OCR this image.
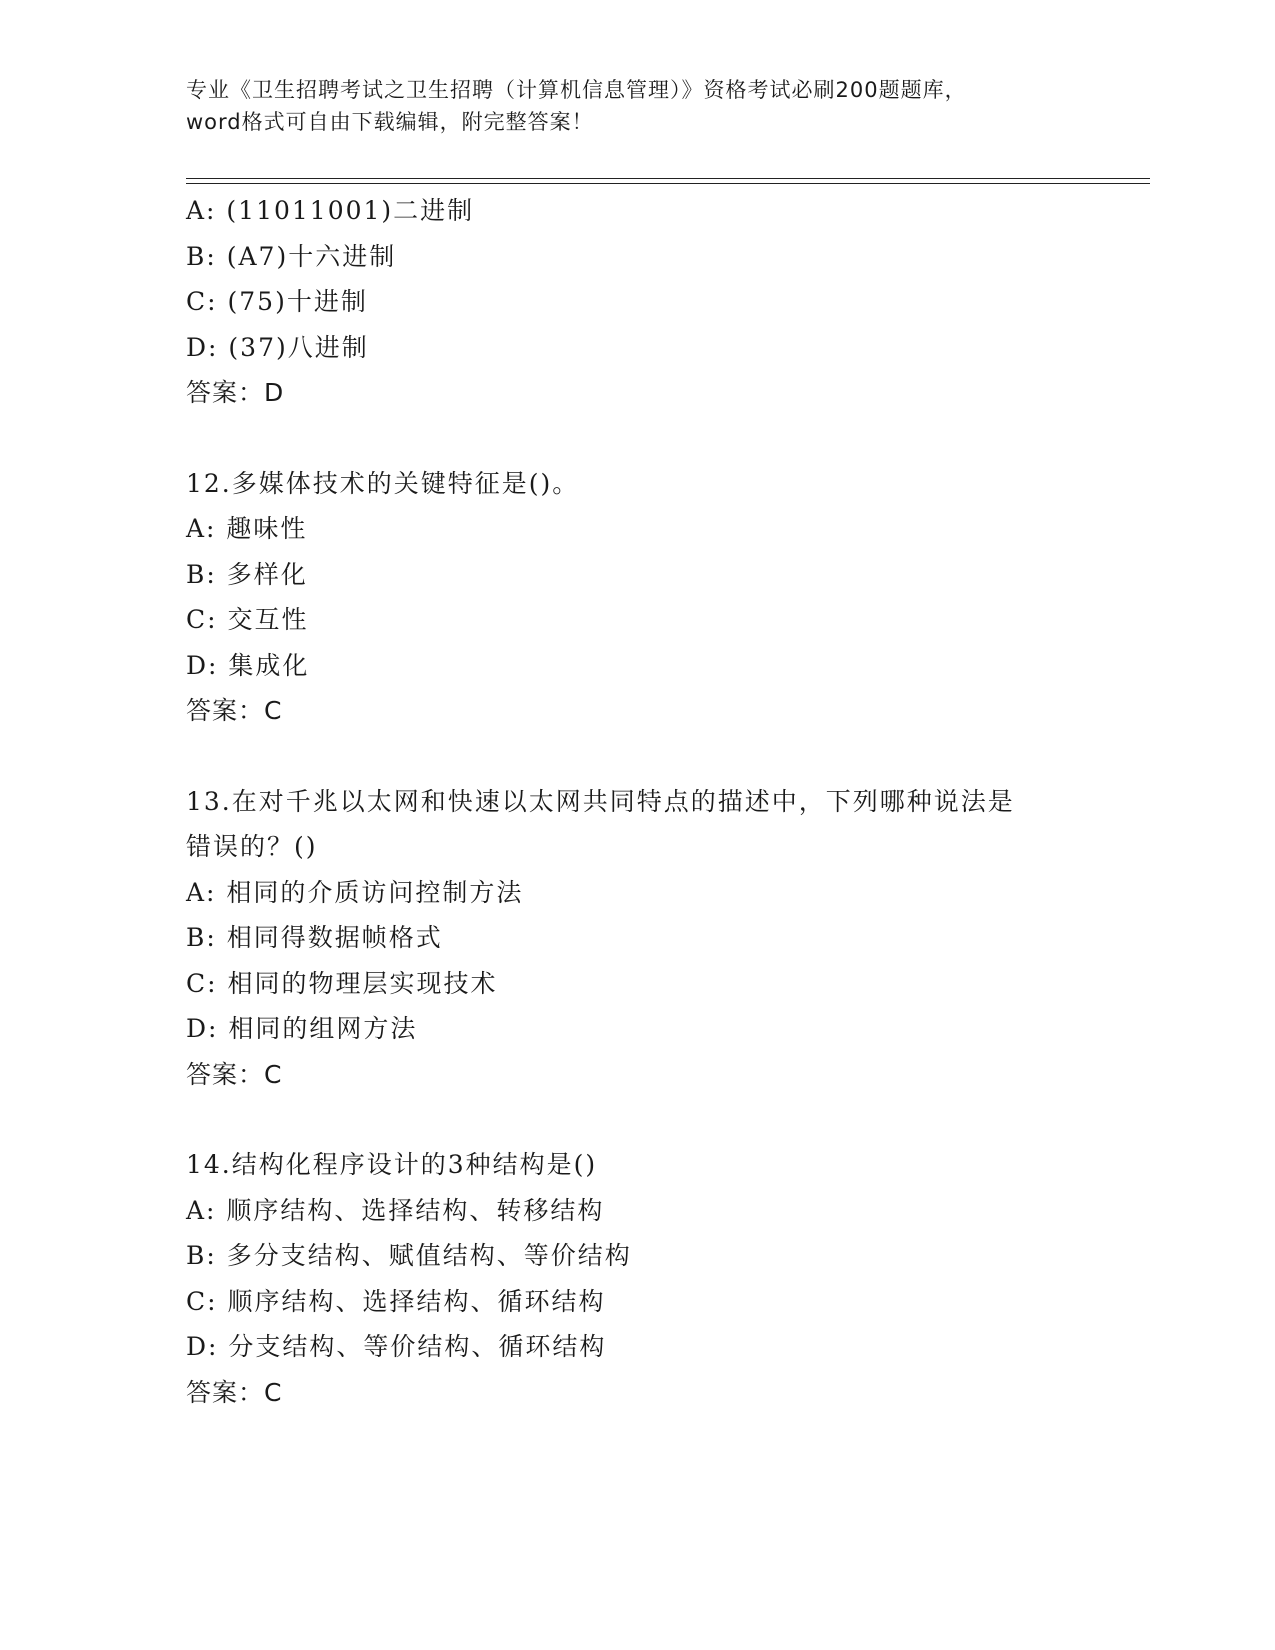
专业《卫生招聘考试之卫生招聘（计算机信息管理）》资格考试必刷200题题库，
word格式可自由下载编辑，附完整答案！
A: (11011001)二进制
B: (A7)十六进制
C: (75)十进制
D: (37)八进制
答案：D
12.多媒体技术的关键特征是()。
A: 趣味性
B: 多样化
C: 交互性
D: 集成化
答案：C
13.在对千兆以太网和快速以太网共同特点的描述中，下列哪种说法是
错误的？()
A: 相同的介质访问控制方法
B: 相同得数据帧格式
C: 相同的物理层实现技术
D: 相同的组网方法
答案：C
14.结构化程序设计的3种结构是()
A: 顺序结构、选择结构、转移结构
B: 多分支结构、赋值结构、等价结构
C: 顺序结构、选择结构、循环结构
D: 分支结构、等价结构、循环结构
答案：C
